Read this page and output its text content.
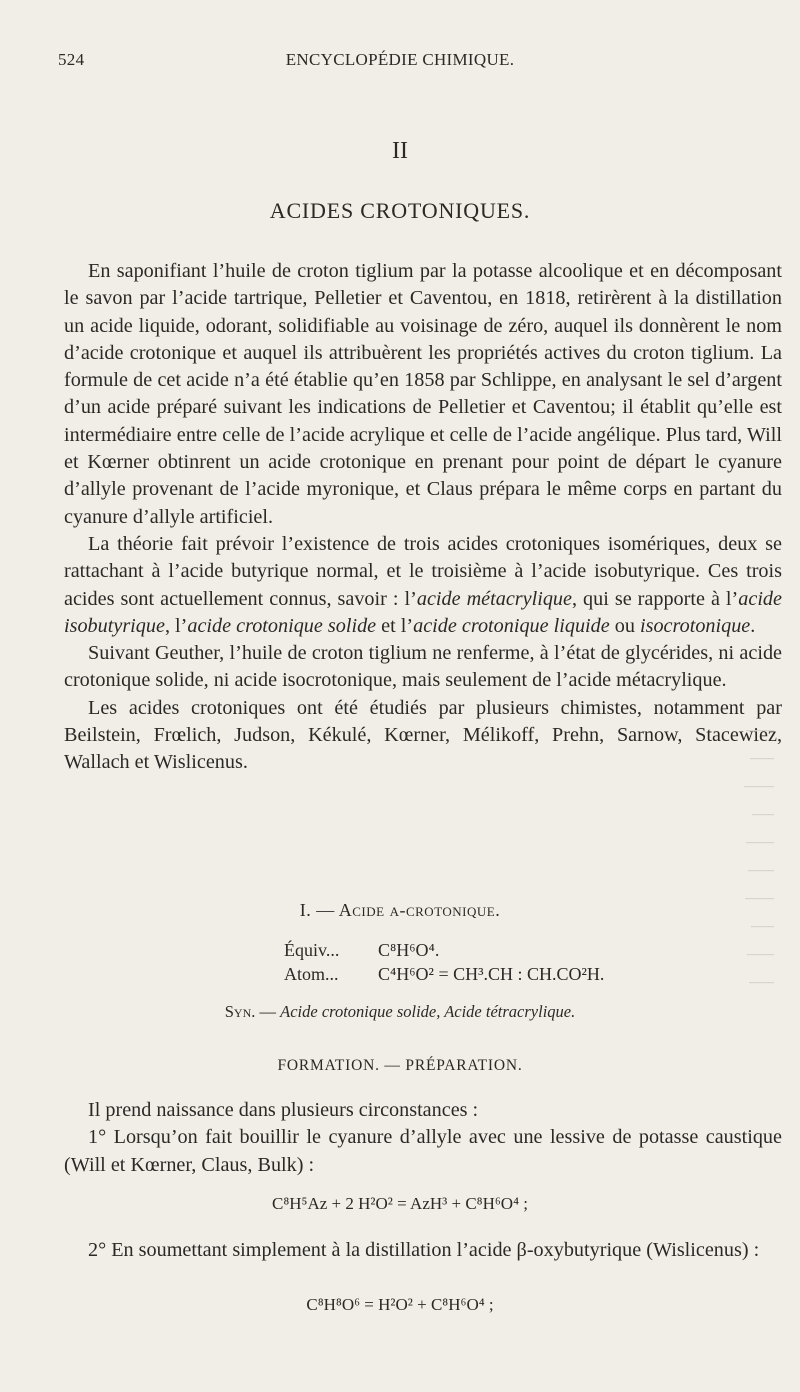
524	ENCYCLOPÉDIE CHIMIQUE.
II
ACIDES CROTONIQUES.

En saponifiant l’huile de croton tiglium par la potasse alcoolique et en décomposant le savon par l’acide tartrique, Pelletier et Caventou, en 1818, retirèrent à la distillation un acide liquide, odorant, solidifiable au voisinage de zéro, auquel ils donnèrent le nom d’acide crotonique et auquel ils attribuèrent les propriétés actives du croton tiglium. La formule de cet acide n’a été établie qu’en 1858 par Schlippe, en analysant le sel d’argent d’un acide préparé suivant les indications de Pelletier et Caventou; il établit qu’elle est intermédiaire entre celle de l’acide acrylique et celle de l’acide angélique. Plus tard, Will et Kœrner obtinrent un acide crotonique en prenant pour point de départ le cyanure d’allyle provenant de l’acide myronique, et Claus prépara le même corps en partant du cyanure d’allyle artificiel.

La théorie fait prévoir l’existence de trois acides crotoniques isomériques, deux se rattachant à l’acide butyrique normal, et le troisième à l’acide isobutyrique. Ces trois acides sont actuellement connus, savoir : l’acide métacrylique, qui se rapporte à l’acide isobutyrique, l’acide crotonique solide et l’acide crotonique liquide ou isocrotonique.

Suivant Geuther, l’huile de croton tiglium ne renferme, à l’état de glycérides, ni acide crotonique solide, ni acide isocrotonique, mais seulement de l’acide métacrylique.

Les acides crotoniques ont été étudiés par plusieurs chimistes, notamment par Beilstein, Frœlich, Judson, Kékulé, Kœrner, Mélikoff, Prehn, Sarnow, Stacewiez, Wallach et Wislicenus.

I. — Acide α-crotonique.
Équiv... C⁸H⁶O⁴.
Atom... C⁴H⁶O² = CH³.CH : CH.CO²H.
Syn. — Acide crotonique solide, Acide tétracrylique.
FORMATION. — PRÉPARATION.

Il prend naissance dans plusieurs circonstances :

1° Lorsqu’on fait bouillir le cyanure d’allyle avec une lessive de potasse caustique (Will et Kœrner, Claus, Bulk) :

C⁸H⁵Az + 2 H²O² = AzH³ + C⁸H⁶O⁴ ;

2° En soumettant simplement à la distillation l’acide β-oxybutyrique (Wislicenus) :

C⁸H⁸O⁶ = H²O² + C⁸H⁶O⁴ ;
